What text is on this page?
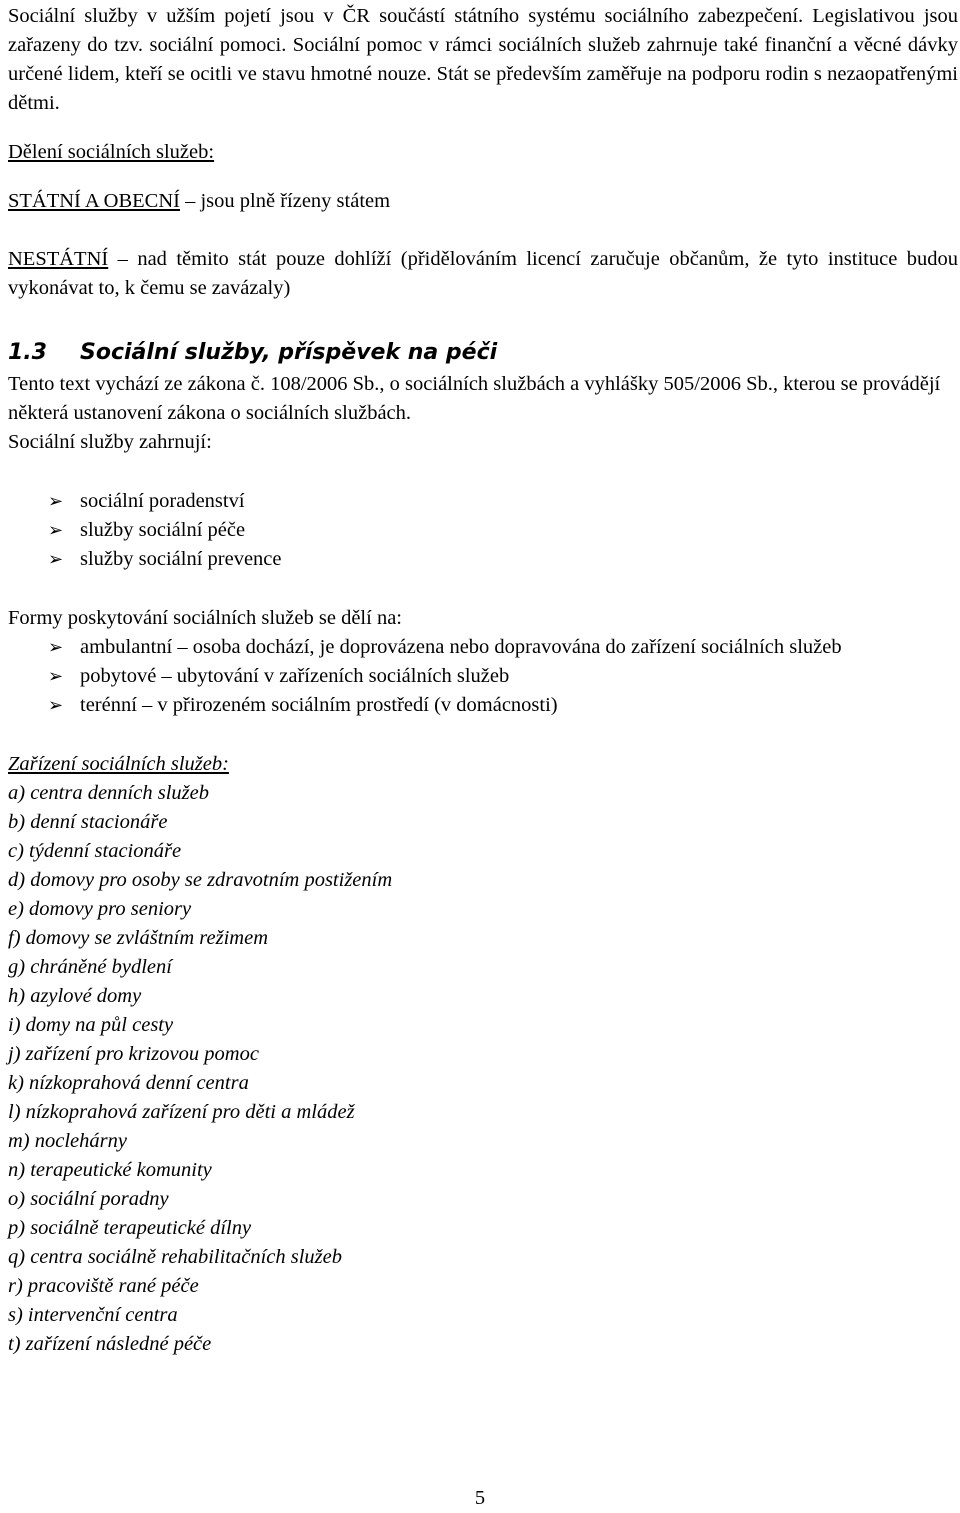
Sociální služby v užším pojetí jsou v ČR součástí státního systému sociálního zabezpečení. Legislativou jsou zařazeny do tzv. sociální pomoci. Sociální pomoc v rámci sociálních služeb zahrnuje také finanční a věcné dávky určené lidem, kteří se ocitli ve stavu hmotné nouze. Stát se především zaměřuje na podporu rodin s nezaopatřenými dětmi.

Dělení sociálních služeb:

STÁTNÍ A OBECNÍ – jsou plně řízeny státem

NESTÁTNÍ – nad těmito stát pouze dohlíží (přidělováním licencí zaručuje občanům, že tyto instituce budou vykonávat to, k čemu se zavázaly)

1.3	Sociální služby, příspěvek na péči

Tento text vychází ze zákona č. 108/2006 Sb., o sociálních službách a vyhlášky 505/2006 Sb., kterou se provádějí některá ustanovení zákona o sociálních službách.

Sociální služby zahrnují:

➢ sociální poradenství
➢ služby sociální péče
➢ služby sociální prevence

Formy poskytování sociálních služeb se dělí na:

➢ ambulantní – osoba dochází, je doprovázena nebo dopravována do zařízení sociálních služeb
➢ pobytové – ubytování v zařízeních sociálních služeb
➢ terénní – v přirozeném sociálním prostředí (v domácnosti)

Zařízení sociálních služeb:

a) centra denních služeb

b) denní stacionáře

c) týdenní stacionáře

d) domovy pro osoby se zdravotním postižením

e) domovy pro seniory

f) domovy se zvláštním režimem

g) chráněné bydlení

h) azylové domy

i) domy na půl cesty

j) zařízení pro krizovou pomoc

k) nízkoprahová denní centra

l) nízkoprahová zařízení pro děti a mládež

m) noclehárny

n) terapeutické komunity

o) sociální poradny

p) sociálně terapeutické dílny

q) centra sociálně rehabilitačních služeb

r) pracoviště rané péče

s) intervenční centra

t) zařízení následné péče

5
